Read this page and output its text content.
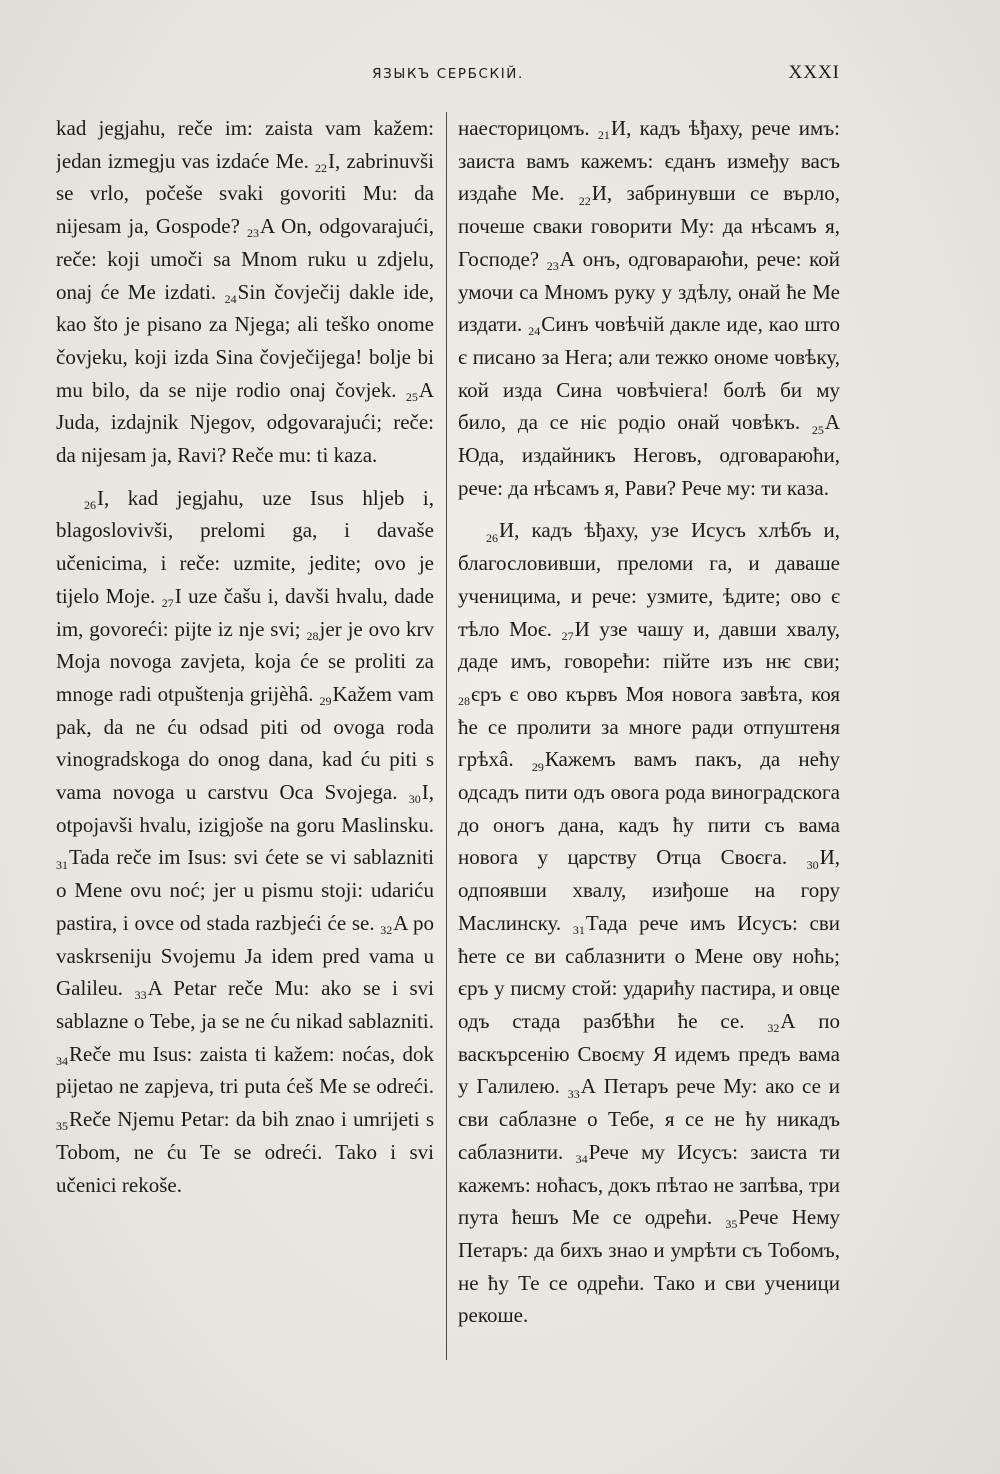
ЯЗЫКЪ СЕРБСКІЙ.	XXXI

kad jegjahu, reče im: zaista vam kažem: jedan izmegju vas izdaće Me. $_{22}$I, zabrinuvši se vrlo, počeše svaki govoriti Mu: da nijesam ja, Gospode? $_{23}$A On, odgovarajući, reče: koji umoči sa Mnom ruku u zdjelu, onaj će Me izdati. $_{24}$Sin čovječij dakle ide, kao što je pisano za Njega; ali teško onome čovjeku, koji izda Sina čovječijega! bolje bi mu bilo, da se nije rodio onaj čovjek. $_{25}$A Juda, izdajnik Njegov, odgovarajući; reče: da nijesam ja, Ravi? Reče mu: ti kaza.

$_{26}$I, kad jegjahu, uze Isus hljeb i, blagoslovivši, prelomi ga, i davaše učenicima, i reče: uzmite, jedite; ovo je tijelo Moje. $_{27}$I uze čašu i, davši hvalu, dade im, govoreći: pijte iz nje svi; $_{28}$jer je ovo krv Moja novoga zavjeta, koja će se proliti za mnoge radi otpuštenja grijèhâ. $_{29}$Kažem vam pak, da ne ću odsad piti od ovoga roda vinogradskoga do onog dana, kad ću piti s vama novoga u carstvu Oca Svojega. $_{30}$I, otpojavši hvalu, izigjoše na goru Maslinsku. $_{31}$Tada reče im Isus: svi ćete se vi sablazniti o Mene ovu noć; jer u pismu stoji: udariću pastira, i ovce od stada razbjeći će se. $_{32}$A po vaskrseniju Svojemu Ja idem pred vama u Galileu. $_{33}$A Petar reče Mu: ako se i svi sablazne o Tebe, ja se ne ću nikad sablazniti. $_{34}$Reče mu Isus: zaista ti kažem: noćas, dok pijetao ne zapjeva, tri puta ćeš Me se odreći. $_{35}$Reče Njemu Petar: da bih znao i umrijeti s Tobom, ne ću Te se odreći. Tako i svi učenici rekoše.

наесторицомъ. $_{21}$И, кадъ ѣђаху, рече имъ: заиста вамъ кажемъ: єданъ између васъ издаће Ме. $_{22}$И, забринувши се върло, почеше сваки говорити Му: да нѣсамъ я, Господе? $_{23}$А онъ, одговараюћи, рече: кой умочи са Мномъ руку у здѣлу, онай ће Ме издати. $_{24}$Синъ човѣчій дакле иде, као што є писано за Нега; али тежко ономе човѣку, кой изда Сина човѣчіега! болѣ би му било, да се ніє родіо онай човѣкъ. $_{25}$А Юда, издайникъ Неговъ, одговараюћи, рече: да нѣсамъ я, Рави? Рече му: ти каза.

$_{26}$И, кадъ ѣђаху, узе Исусъ хлѣбъ и, благословивши, преломи га, и даваше ученицима, и рече: узмите, ѣдите; ово є тѣло Моє. $_{27}$И узе чашу и, давши хвалу, даде имъ, говорећи: пійте изъ нѥ сви; $_{28}$єръ є ово кървъ Моя новога завѣта, коя ће се пролити за многе ради отпуштеня грѣхâ. $_{29}$Кажемъ вамъ пакъ, да нећу одсадъ пити одъ овога рода виноградскога до оногъ дана, кадъ ћу пити съ вама новога у царству Отца Своєга. $_{30}$И, одпоявши хвалу, изиђоше на гору Маслинску. $_{31}$Тада рече имъ Исусъ: сви ћете се ви саблазнити о Мене ову ноћь; єръ у писму стой: ударићу пастира, и овце одъ стада разбѣћи ће се. $_{32}$А по васкърсенію Своєму Я идемъ предъ вама у Галилею. $_{33}$А Петаръ рече Му: ако се и сви саблазне о Тебе, я се не ћу никадъ саблазнити. $_{34}$Рече му Исусъ: заиста ти кажемъ: ноћасъ, докъ пѣтао не запѣва, три пута ћешъ Ме се одрећи. $_{35}$Рече Нему Петаръ: да бихъ знао и умрѣти съ Тобомъ, не ћу Те се одрећи. Тако и сви ученици рекоше.
